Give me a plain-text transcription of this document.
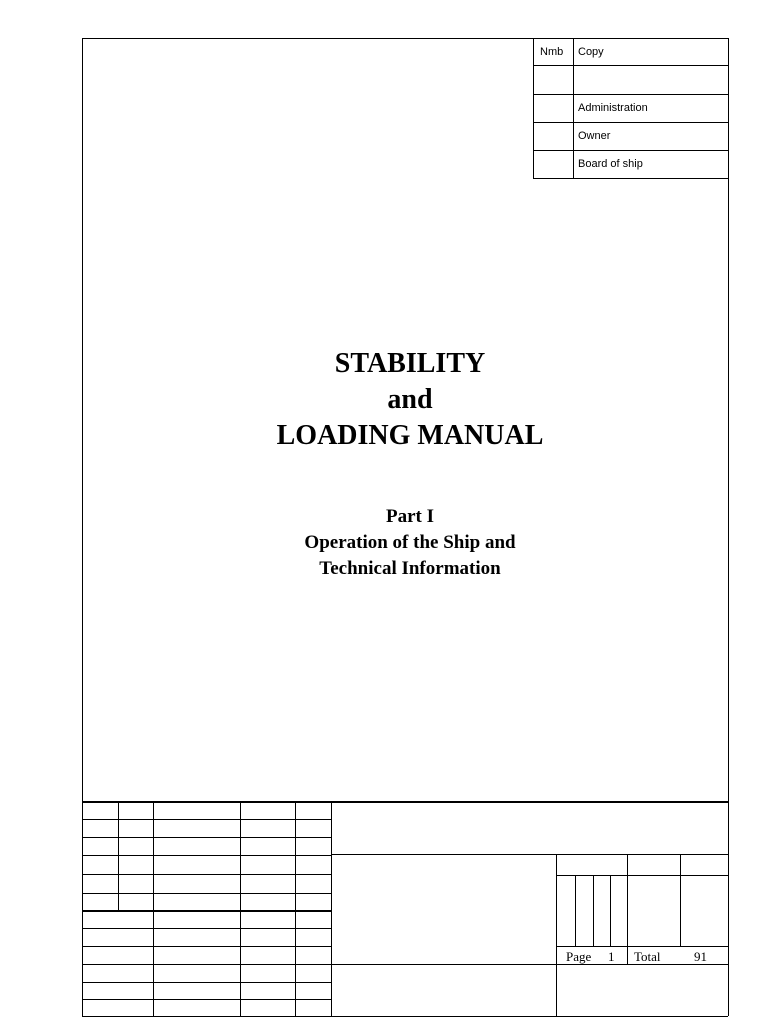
Nmb Copy
Administration
Owner
Board of ship
STABILITY
and
LOADING MANUAL
Part I
Operation of the Ship and
Technical Information
Page 1 Total	91
